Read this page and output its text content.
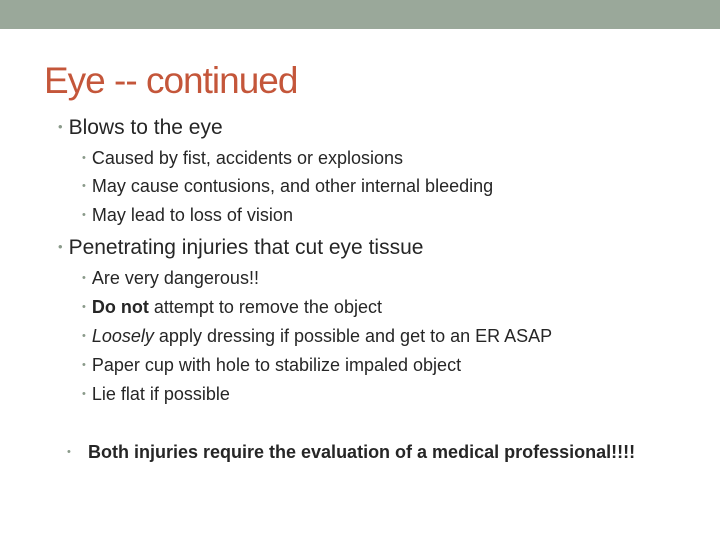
Eye -- continued
• Blows to the eye
• Caused by fist, accidents or explosions
• May cause contusions, and other internal bleeding
• May lead to loss of vision
• Penetrating injuries that cut eye tissue
• Are very dangerous!!
• Do not attempt to remove the object
• Loosely apply dressing if possible and get to an ER ASAP
• Paper cup with hole to stabilize impaled object
• Lie flat if possible
• Both injuries require the evaluation of a medical professional!!!!
